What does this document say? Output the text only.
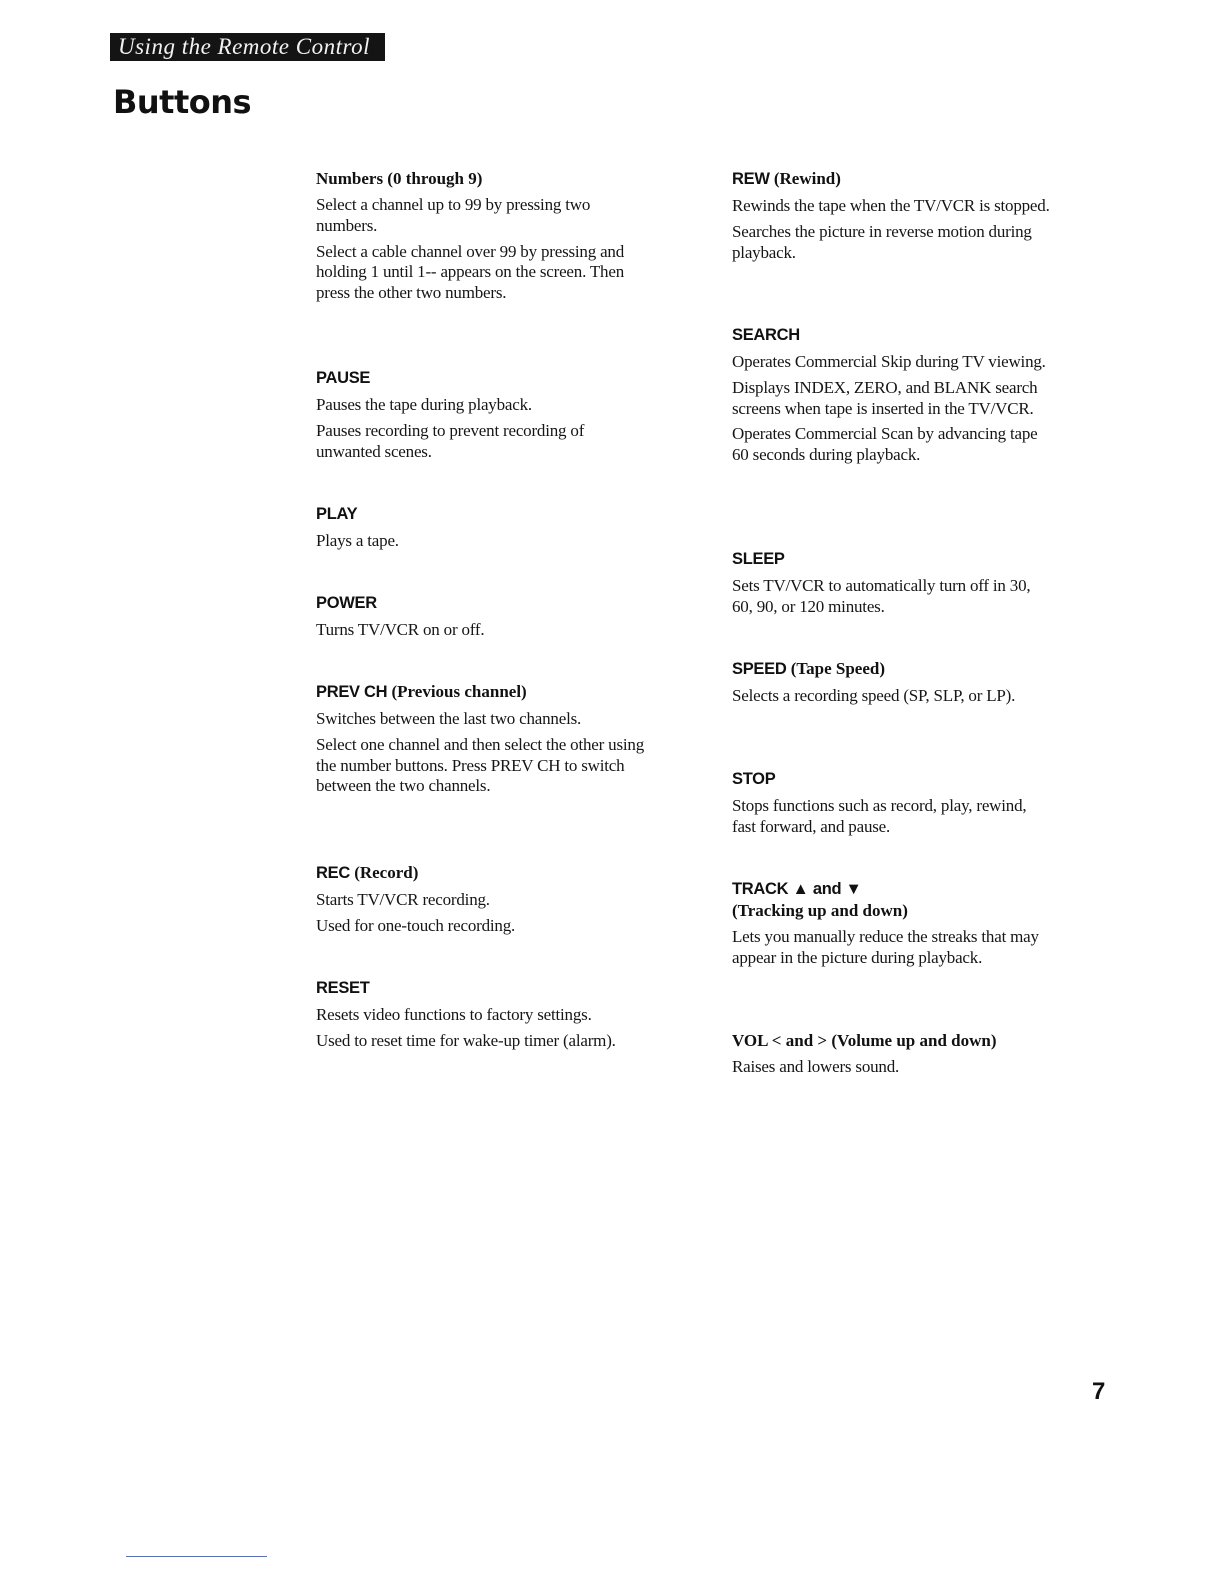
Using the Remote Control
Buttons
Numbers (0 through 9)

Select a channel up to 99 by pressing two numbers.

Select a cable channel over 99 by pressing and holding 1 until 1-- appears on the screen. Then press the other two numbers.

PAUSE

Pauses the tape during playback.

Pauses recording to prevent recording of unwanted scenes.

PLAY

Plays a tape.

POWER

Turns TV/VCR on or off.

PREV CH (Previous channel)

Switches between the last two channels.

Select one channel and then select the other using the number buttons. Press PREV CH to switch between the two channels.

REC (Record)

Starts TV/VCR recording.

Used for one-touch recording.

RESET

Resets video functions to factory settings.

Used to reset time for wake-up timer (alarm).

REW (Rewind)

Rewinds the tape when the TV/VCR is stopped.

Searches the picture in reverse motion during playback.

SEARCH

Operates Commercial Skip during TV viewing.

Displays INDEX, ZERO, and BLANK search screens when tape is inserted in the TV/VCR.

Operates Commercial Scan by advancing tape 60 seconds during playback.

SLEEP

Sets TV/VCR to automatically turn off in 30, 60, 90, or 120 minutes.

SPEED (Tape Speed)

Selects a recording speed (SP, SLP, or LP).

STOP

Stops functions such as record, play, rewind, fast forward, and pause.

TRACK ▲ and ▼
(Tracking up and down)

Lets you manually reduce the streaks that may appear in the picture during playback.

VOL < and > (Volume up and down)

Raises and lowers sound.

7
